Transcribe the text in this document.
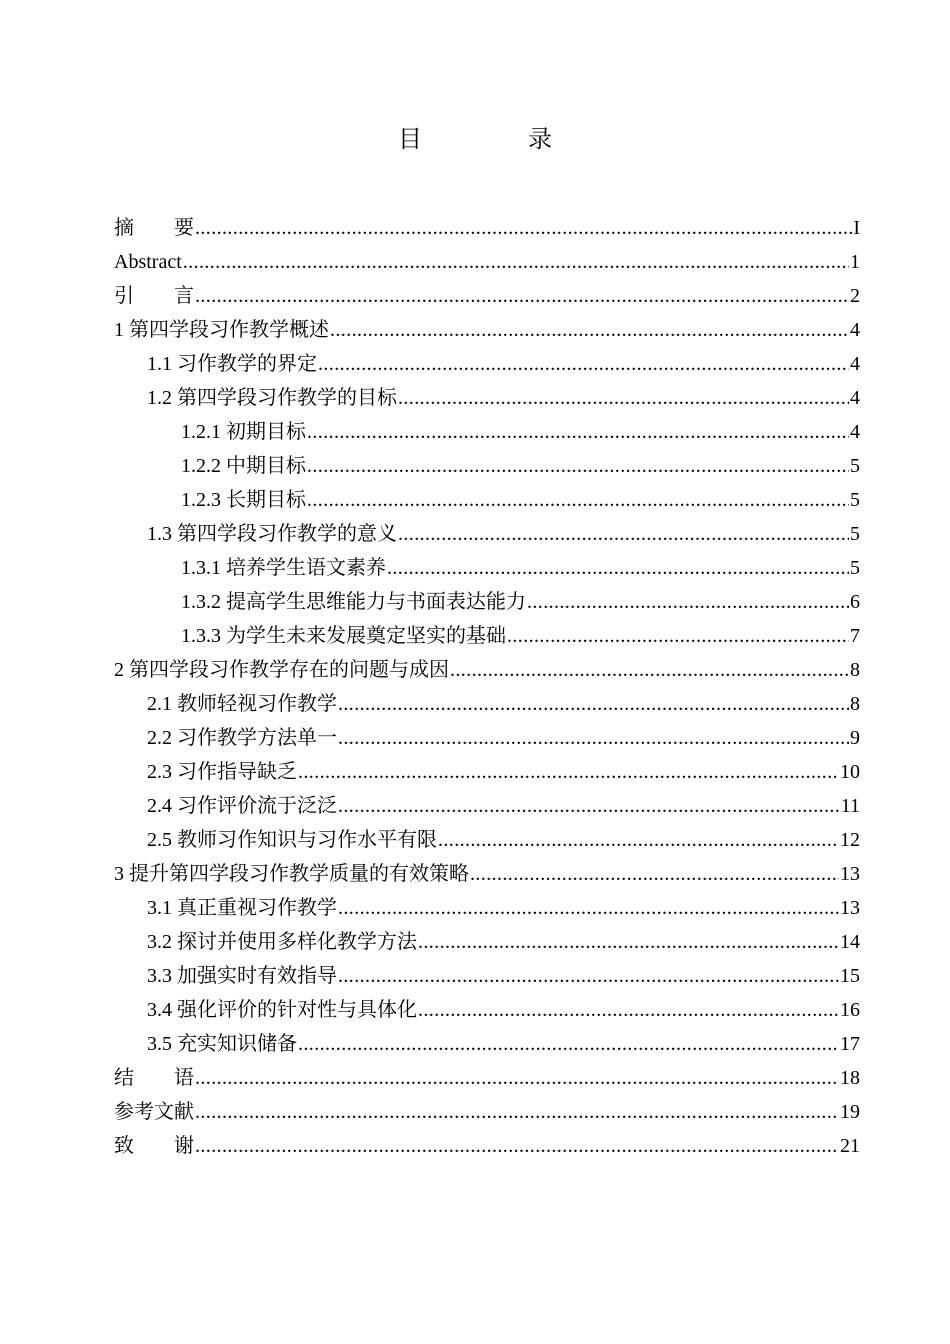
目 录
摘　　要 .....	I
Abstract .....	1
引　　言 .....	2
1 第四学段习作教学概述 .....	4
1.1 习作教学的界定 .....	4
1.2 第四学段习作教学的目标 .....	4
1.2.1 初期目标 .....	4
1.2.2 中期目标 .....	5
1.2.3 长期目标 .....	5
1.3 第四学段习作教学的意义 .....	5
1.3.1 培养学生语文素养 .....	5
1.3.2 提高学生思维能力与书面表达能力 .....	6
1.3.3 为学生未来发展奠定坚实的基础 .....	7
2 第四学段习作教学存在的问题与成因 .....	8
2.1 教师轻视习作教学 .....	8
2.2 习作教学方法单一 .....	9
2.3 习作指导缺乏 .....	10
2.4 习作评价流于泛泛 .....	11
2.5 教师习作知识与习作水平有限 .....	12
3 提升第四学段习作教学质量的有效策略 .....	13
3.1 真正重视习作教学 .....	13
3.2 探讨并使用多样化教学方法 .....	14
3.3 加强实时有效指导 .....	15
3.4 强化评价的针对性与具体化 .....	16
3.5 充实知识储备 .....	17
结　　语 .....	18
参考文献 .....	19
致　　谢 .....	21
